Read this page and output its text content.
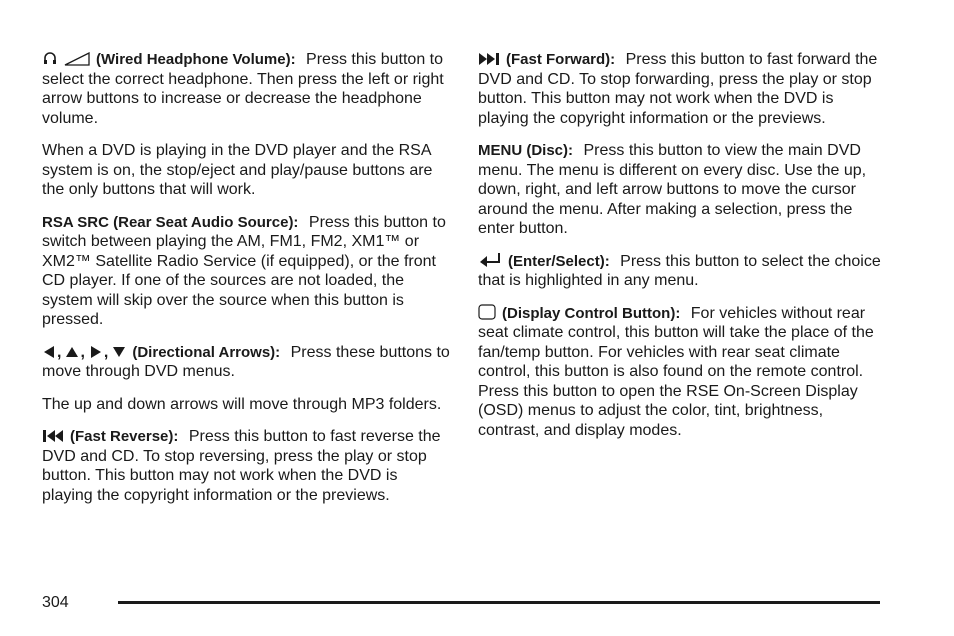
(Wired Headphone Volume): Press this button to select the correct headphone. Then press the left or right arrow buttons to increase or decrease the headphone volume.

When a DVD is playing in the DVD player and the RSA system is on, the stop/eject and play/pause buttons are the only buttons that will work.

RSA SRC (Rear Seat Audio Source): Press this button to switch between playing the AM, FM1, FM2, XM1™ or XM2™ Satellite Radio Service (if equipped), or the front CD player. If one of the sources are not loaded, the system will skip over the source when this button is pressed.

, , , (Directional Arrows): Press these buttons to move through DVD menus.

The up and down arrows will move through MP3 folders.

(Fast Reverse): Press this button to fast reverse the DVD and CD. To stop reversing, press the play or stop button. This button may not work when the DVD is playing the copyright information or the previews.

(Fast Forward): Press this button to fast forward the DVD and CD. To stop forwarding, press the play or stop button. This button may not work when the DVD is playing the copyright information or the previews.

MENU (Disc): Press this button to view the main DVD menu. The menu is different on every disc. Use the up, down, right, and left arrow buttons to move the cursor around the menu. After making a selection, press the enter button.

(Enter/Select): Press this button to select the choice that is highlighted in any menu.

(Display Control Button): For vehicles without rear seat climate control, this button will take the place of the fan/temp button. For vehicles with rear seat climate control, this button is also found on the remote control. Press this button to open the RSE On-Screen Display (OSD) menus to adjust the color, tint, brightness, contrast, and display modes.

304
